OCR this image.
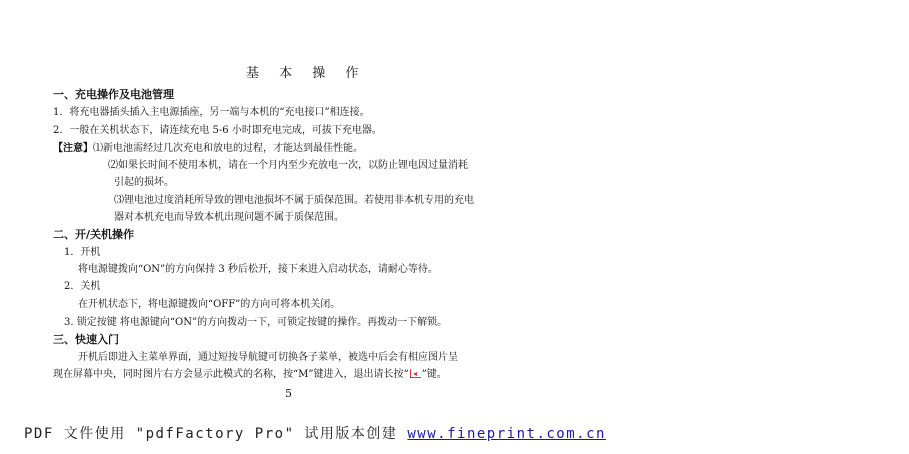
基 本 操 作
一、充电操作及电池管理
1．将充电器插头插入主电源插座，另一端与本机的“充电接口”相连接。
2．一般在关机状态下，请连续充电 5-6 小时即充电完成，可拔下充电器。
【注意】⑴新电池需经过几次充电和放电的过程，才能达到最佳性能。
⑵如果长时间不使用本机，请在一个月内至少充放电一次，以防止锂电因过量消耗
引起的损坏。
⑶锂电池过度消耗所导致的锂电池损坏不属于质保范围。若使用非本机专用的充电
器对本机充电而导致本机出现问题不属于质保范围。
二、开/关机操作
1．开机
将电源键拨向“ON”的方向保持 3 秒后松开，接下来进入启动状态，请耐心等待。
2．关机
在开机状态下，将电源键拨向“OFF”的方向可将本机关闭。
3. 锁定按键 将电源键向“ON”的方向拨动一下，可锁定按键的操作。再拨动一下解锁。
三、快速入门
开机后即进入主菜单界面，通过短按导航键可切换各子菜单，被选中后会有相应图片呈
现在屏幕中央，同时图片右方会显示此模式的名称，按“M”键进入，退出请长按“ ”键。
5
PDF 文件使用 "pdfFactory Pro" 试用版本创建 www.fineprint.com.cn
